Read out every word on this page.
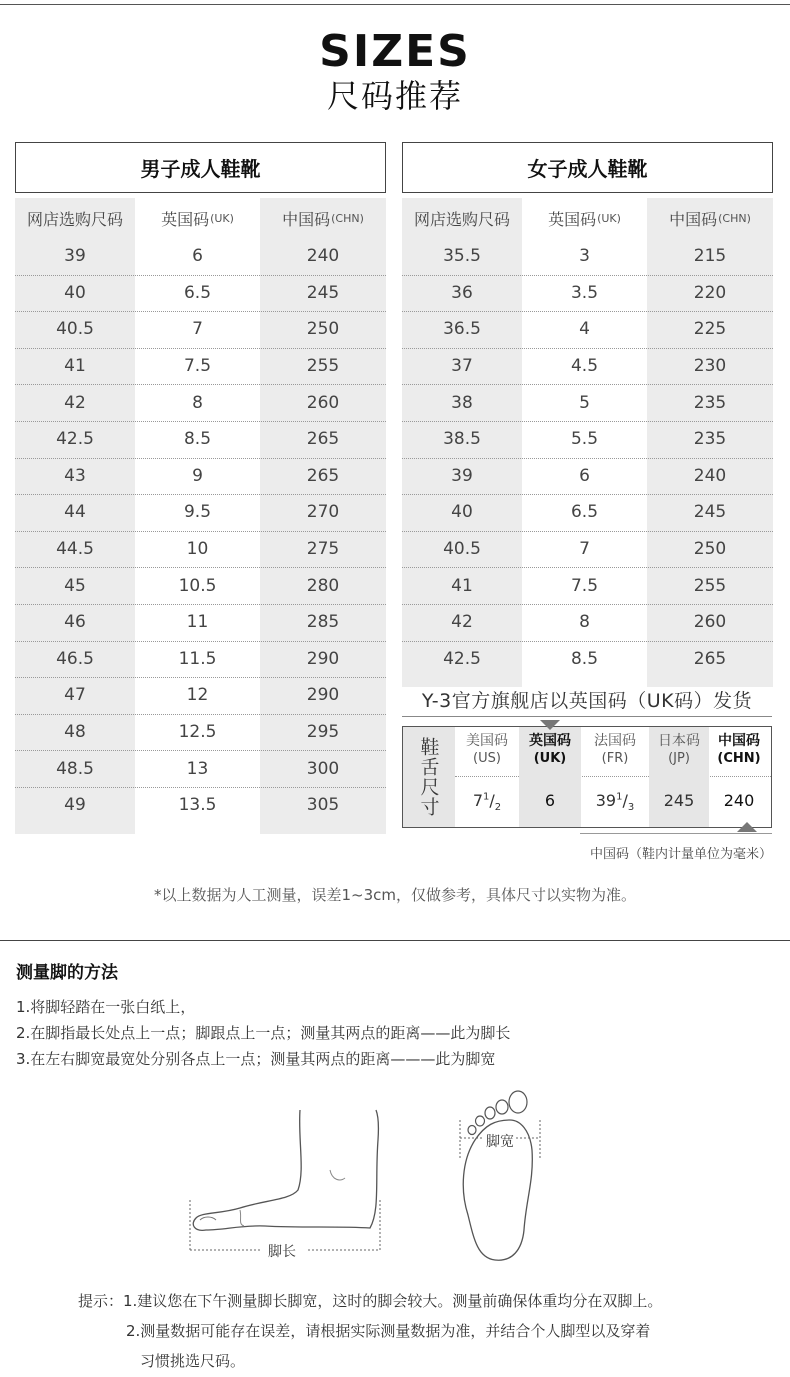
SIZES
尺码推荐
男子成人鞋靴	女子成人鞋靴
网店选购尺码
39
40
40.5
41
42
42.5
43
44
44.5
45
46
46.5
47
48
48.5
49
英国码 (UK)
6
6.5
7
7.5
8
8.5
9
9.5
10
10.5
11
11.5
12
12.5
13
13.5
中国码 (CHN)
240
245
250
255
260
265
265
270
275
280
285
290
290
295
300
305
网店选购尺码
35.5
36
36.5
37
38
38.5
39
40
40.5
41
42
42.5
英国码 (UK)
3
3.5
4
4.5
5
5.5
6
6.5
7
7.5
8
8.5
中国码 (CHN)
215
220
225
230
235
235
240
245
250
255
260
265
Y-3官方旗舰店以英国码（UK码）发货
鞋舌尺寸	美国码
(US)
$7^1/_2$
英国码
(UK)
6
法国码
(FR)
$39^1/_3$
日本码
(JP)
245
中国码
(CHN)
240
中国码（鞋内计量单位为毫米）
*以上数据为人工测量，误差1~3cm，仅做参考，具体尺寸以实物为准。
测量脚的方法
1.将脚轻踏在一张白纸上，
2.在脚指最长处点上一点；脚跟点上一点；测量其两点的距离——此为脚长
3.在左右脚宽最宽处分别各点上一点；测量其两点的距离———此为脚宽
脚长
脚宽
提示：1.建议您在下午测量脚长脚宽，这时的脚会较大。测量前确保体重均分在双脚上。
2.测量数据可能存在误差，请根据实际测量数据为准，并结合个人脚型以及穿着
习惯挑选尺码。
